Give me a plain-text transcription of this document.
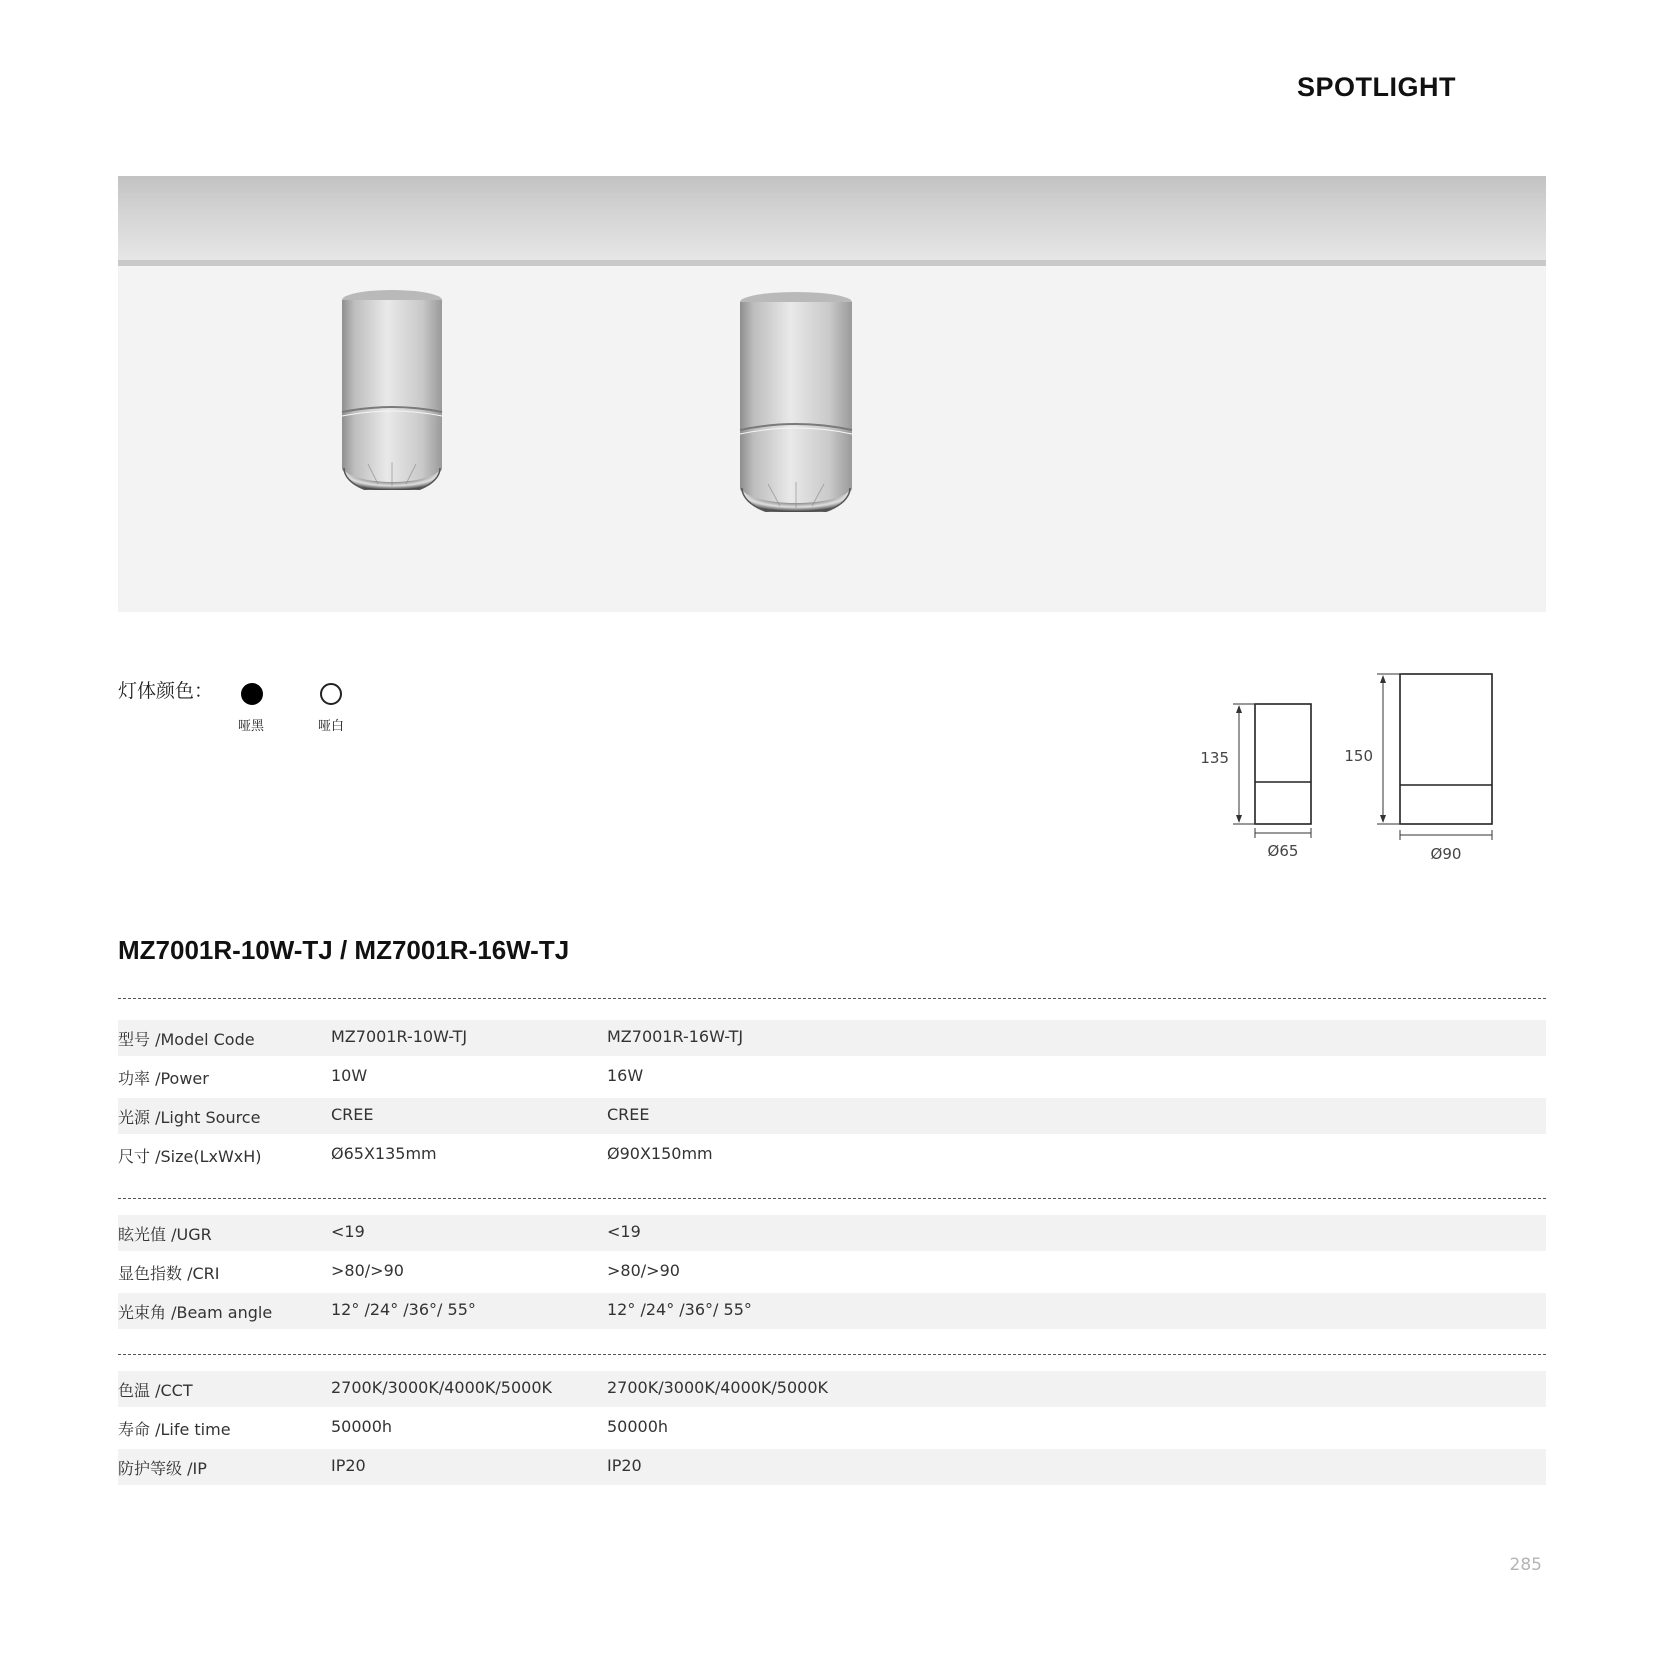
SPOTLIGHT
灯体颜色：
哑黑	哑白
135
Ø65
150
Ø90
MZ7001R-10W-TJ / MZ7001R-16W-TJ
型号 /Model Code	MZ7001R-10W-TJ	MZ7001R-16W-TJ
功率 /Power	10W	16W
光源 /Light Source	CREE	CREE
尺寸 /Size(LxWxH)	Ø65X135mm	Ø90X150mm
眩光值 /UGR	<19	<19
显色指数 /CRI	>80/>90	>80/>90
光束角 /Beam angle	12° /24° /36°/ 55°	12° /24° /36°/ 55°
色温 /CCT	2700K/3000K/4000K/5000K	2700K/3000K/4000K/5000K
寿命 /Life time	50000h	50000h
防护等级 /IP	IP20	IP20
285
